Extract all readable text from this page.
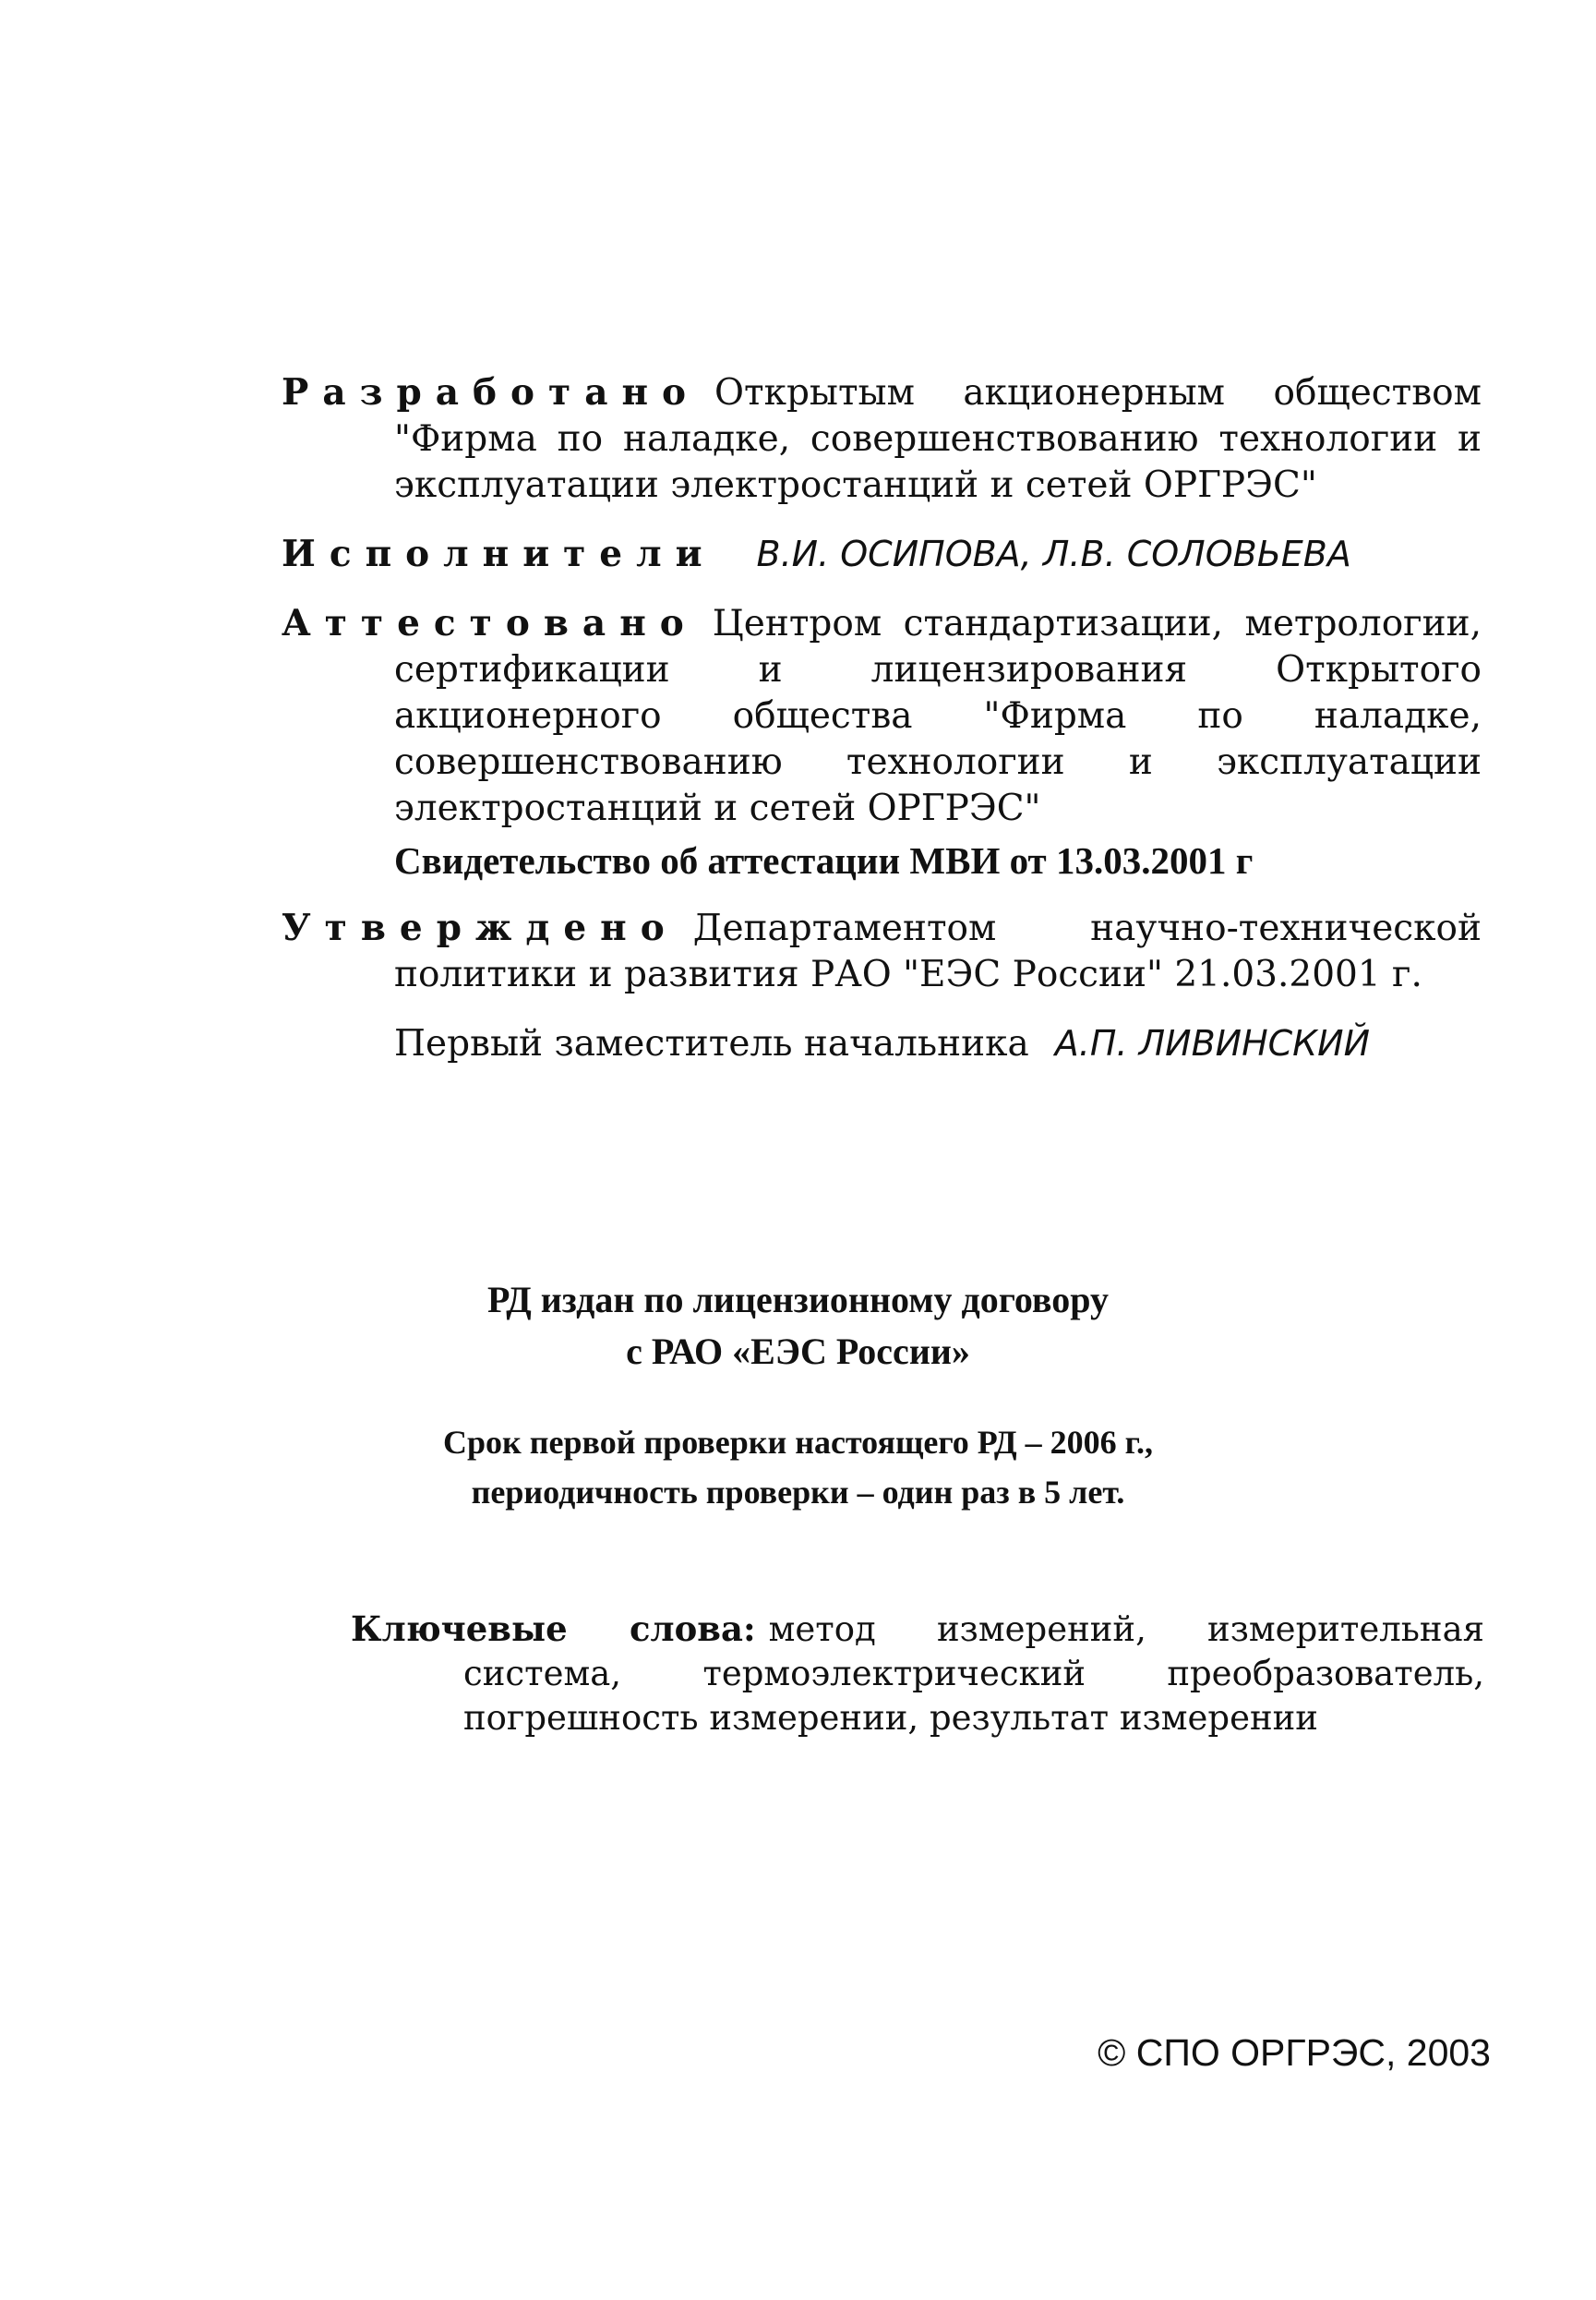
Разработано Открытым акционерным обществом "Фирма по наладке, совершенствованию технологии и эксплуатации электростанций и сетей ОРГРЭС"
Исполнители В.И. ОСИПОВА, Л.В. СОЛОВЬЕВА
Аттестовано Центром стандартизации, метрологии, сертификации и лицензирования Открытого акционерного общества "Фирма по наладке, совершенствованию технологии и эксплуатации электростанций и сетей ОРГРЭС"
Свидетельство об аттестации МВИ от 13.03.2001 г
Утверждено Департаментом научно-технической политики и развития РАО "ЕЭС России" 21.03.2001 г.
Первый заместитель начальника А.П. ЛИВИНСКИЙ
РД издан по лицензионному договору
с РАО «ЕЭС России»
Срок первой проверки настоящего РД – 2006 г.,
периодичность проверки – один раз в 5 лет.
Ключевые слова: метод измерений, измерительная система, термоэлектрический преобразователь, погрешность измерении, результат измерении
© СПО ОРГРЭС, 2003
